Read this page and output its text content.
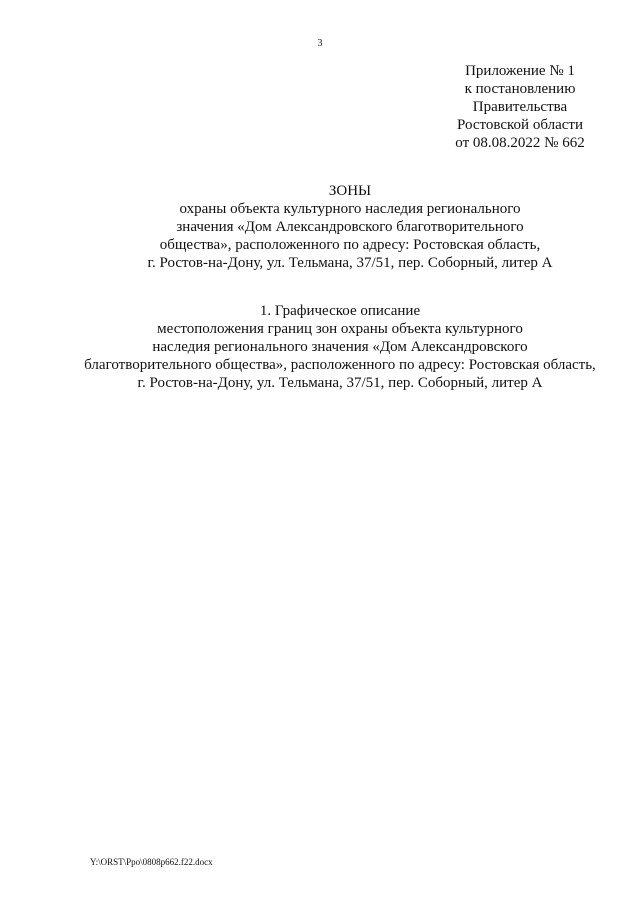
3
Приложение № 1
к постановлению
Правительства
Ростовской области
от 08.08.2022 № 662
ЗОНЫ
охраны объекта культурного наследия регионального
значения «Дом Александровского благотворительного
общества», расположенного по адресу: Ростовская область,
г. Ростов-на-Дону, ул. Тельмана, 37/51, пер. Соборный, литер А
1. Графическое описание
местоположения границ зон охраны объекта культурного
наследия регионального значения «Дом Александровского
благотворительного общества», расположенного по адресу: Ростовская область,
г. Ростов-на-Дону, ул. Тельмана, 37/51, пер. Соборный, литер А
Y:\ORST\Ppo\0808p662.f22.docx
